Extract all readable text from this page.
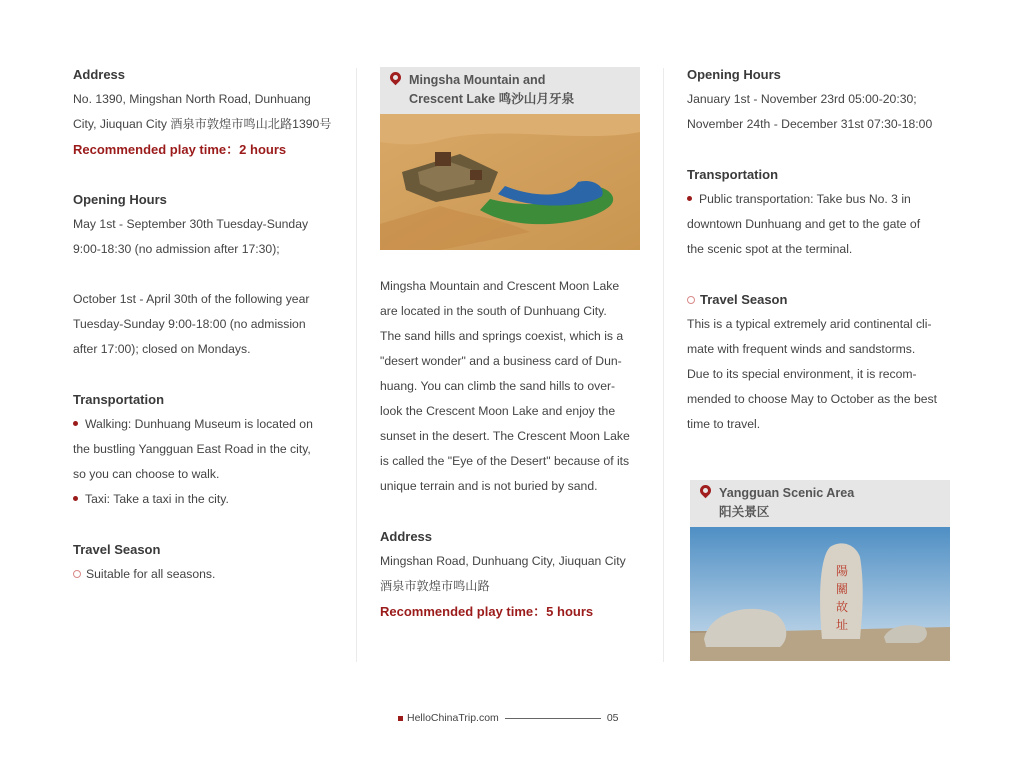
Address
No. 1390, Mingshan North Road, Dunhuang
City, Jiuquan City 酒泉市敦煌市鸣山北路1390号
Recommended play time：2 hours
Opening Hours
May 1st - September 30th Tuesday-Sunday
9:00-18:30 (no admission after 17:30);
October 1st - April 30th of the following year
Tuesday-Sunday 9:00-18:00 (no admission
after 17:00); closed on Mondays.
Transportation
Walking: Dunhuang Museum is located on
the bustling Yangguan East Road in the city,
so you can choose to walk.
Taxi: Take a taxi in the city.
Travel Season
Suitable for all seasons.
Mingsha Mountain and
Crescent Lake 鸣沙山月牙泉
Mingsha Mountain and Crescent Moon Lake
are located in the south of Dunhuang City.
The sand hills and springs coexist, which is a
"desert wonder" and a business card of Dun-
huang. You can climb the sand hills to over-
look the Crescent Moon Lake and enjoy the
sunset in the desert. The Crescent Moon Lake
is called the "Eye of the Desert" because of its
unique terrain and is not buried by sand.
Address
Mingshan Road, Dunhuang City, Jiuquan City
酒泉市敦煌市鸣山路
Recommended play time：5 hours
Opening Hours
January 1st - November 23rd 05:00-20:30;
November 24th - December 31st 07:30-18:00
Transportation
Public transportation: Take bus No. 3 in
downtown Dunhuang and get to the gate of
the scenic spot at the terminal.
Travel Season
This is a typical extremely arid continental cli-
mate with frequent winds and sandstorms.
Due to its special environment, it is recom-
mended to choose May to October as the best
time to travel.
Yangguan Scenic Area
阳关景区
陽
關
故
址
HelloChinaTrip.com	05
